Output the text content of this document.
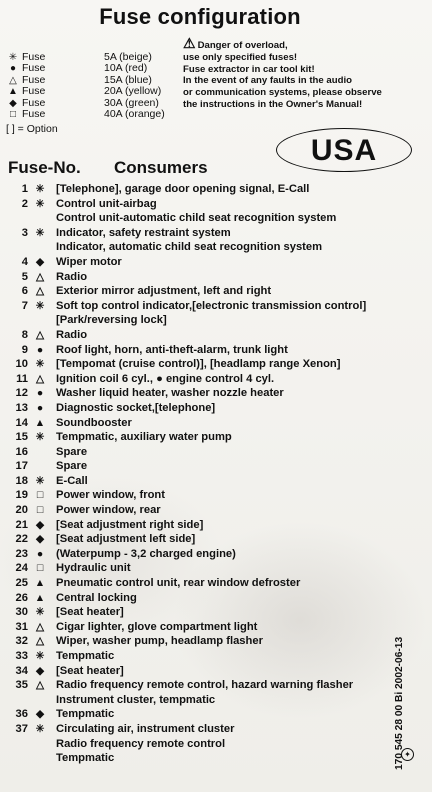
Fuse configuration
✳ Fuse	5A (beige)
● Fuse	10A (red)
△ Fuse	15A (blue)
▲ Fuse	20A (yellow)
◆ Fuse	30A (green)
□ Fuse	40A (orange)
[ ] = Option
⚠ Danger of overload,
use only specified fuses!
Fuse extractor in car tool kit!
In the event of any faults in the audio
or communication systems, please observe
the instructions in the Owner's Manual!
USA
Fuse-No. Consumers
1 ✳	[Telephone], garage door opening signal, E-Call
2 ✳	Control unit-airbag
Control unit-automatic child seat recognition system
3 ✳	Indicator, safety restraint system
Indicator, automatic child seat recognition system
4 ◆	Wiper motor
5 △	Radio
6 △	Exterior mirror adjustment, left and right
7 ✳	Soft top control indicator,[electronic transmission control]
[Park/reversing lock]
8 △	Radio
9 ●	Roof light, horn, anti-theft-alarm, trunk light
10 ✳	[Tempomat (cruise control)], [headlamp range Xenon]
11 △	Ignition coil 6 cyl., ● engine control 4 cyl.
12 ●	Washer liquid heater, washer nozzle heater
13 ●	Diagnostic socket,[telephone]
14 ▲ Soundbooster
15 ✳	Tempmatic, auxiliary water pump
16	Spare
17	Spare
18 ✳	E-Call
19 □	Power window, front
20 □	Power window, rear
21 ◆	[Seat adjustment right side]
22 ◆	[Seat adjustment left side]
23 ●	(Waterpump - 3,2 charged engine)
24 □	Hydraulic unit
25 ▲ Pneumatic control unit, rear window defroster
26 ▲ Central locking
30 ✳	[Seat heater]
31 △	Cigar lighter, glove compartment light
32 △	Wiper, washer pump, headlamp flasher
33 ✳	Tempmatic
34 ◆	[Seat heater]
35 △	Radio frequency remote control, hazard warning flasher
Instrument cluster, tempmatic
36 ◆	Tempmatic
37 ✳	Circulating air, instrument cluster
Radio frequency remote control
Tempmatic	✦
170 545 28 00 Bi 2002-06-13
